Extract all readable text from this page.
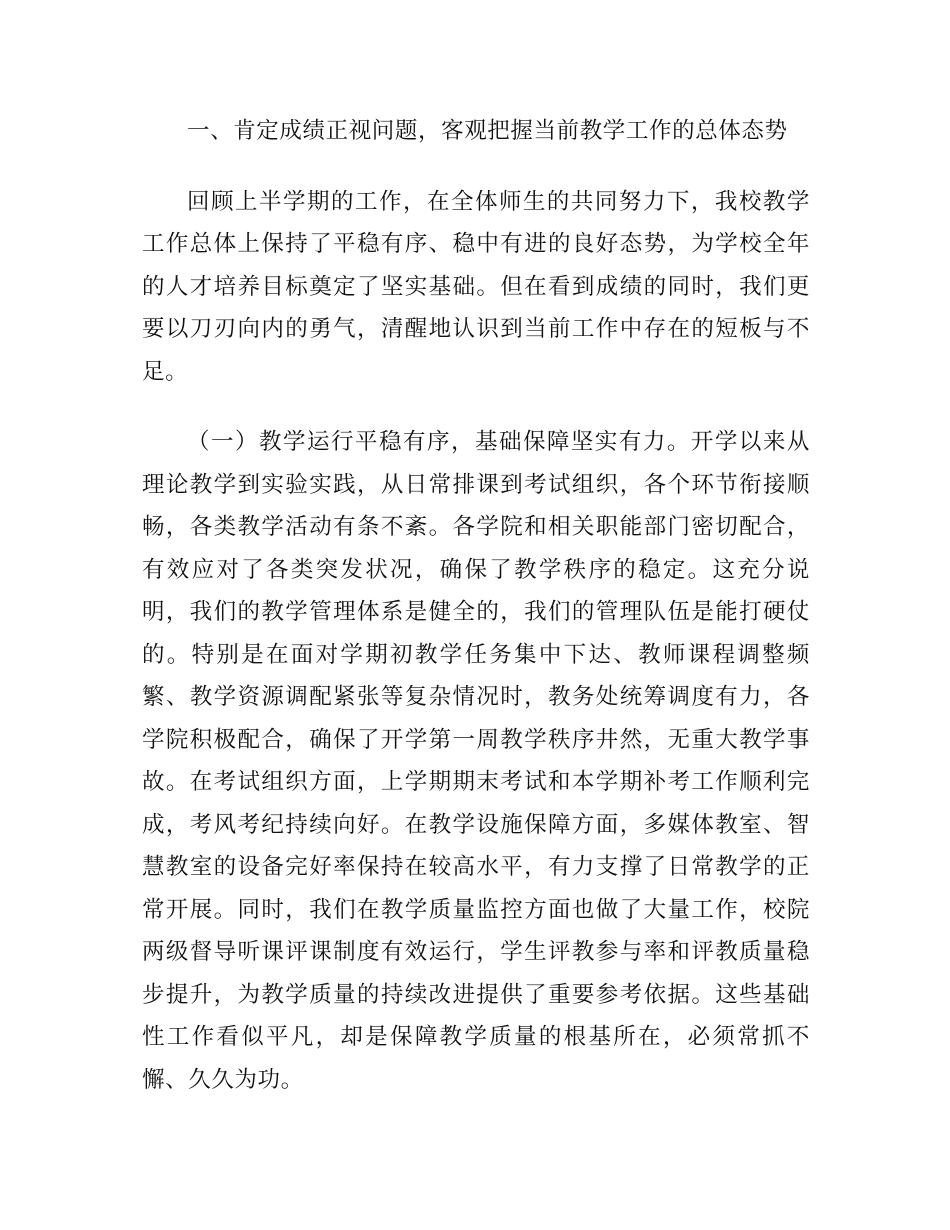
一、肯定成绩正视问题，客观把握当前教学工作的总体态势

回顾上半学期的工作，在全体师生的共同努力下，我校教学工作总体上保持了平稳有序、稳中有进的良好态势，为学校全年的人才培养目标奠定了坚实基础。但在看到成绩的同时，我们更要以刀刃向内的勇气，清醒地认识到当前工作中存在的短板与不足。

（一）教学运行平稳有序，基础保障坚实有力。开学以来从理论教学到实验实践，从日常排课到考试组织，各个环节衔接顺畅，各类教学活动有条不紊。各学院和相关职能部门密切配合，有效应对了各类突发状况，确保了教学秩序的稳定。这充分说明，我们的教学管理体系是健全的，我们的管理队伍是能打硬仗的。特别是在面对学期初教学任务集中下达、教师课程调整频繁、教学资源调配紧张等复杂情况时，教务处统筹调度有力，各学院积极配合，确保了开学第一周教学秩序井然，无重大教学事故。在考试组织方面，上学期期末考试和本学期补考工作顺利完成，考风考纪持续向好。在教学设施保障方面，多媒体教室、智慧教室的设备完好率保持在较高水平，有力支撑了日常教学的正常开展。同时，我们在教学质量监控方面也做了大量工作，校院两级督导听课评课制度有效运行，学生评教参与率和评教质量稳步提升，为教学质量的持续改进提供了重要参考依据。这些基础性工作看似平凡，却是保障教学质量的根基所在，必须常抓不懈、久久为功。
